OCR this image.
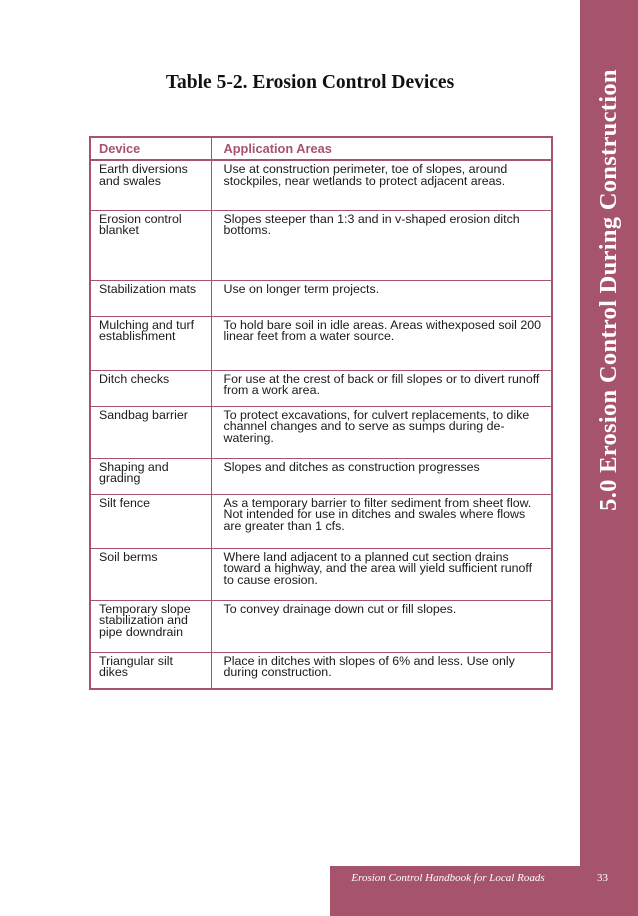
5.0 Erosion Control During Construction
Table 5-2. Erosion Control Devices
Device	Application Areas
Earth diversions and swales	Use at construction perimeter, toe of slopes, around stockpiles, near wetlands to protect adjacent areas.
Erosion control blanket	Slopes steeper than 1:3 and in v-shaped erosion ditch bottoms.
Stabilization mats	Use on longer term projects.
Mulching and turf establishment	To hold bare soil in idle areas. Areas withexposed soil 200 linear feet from a water source.
Ditch checks	For use at the crest of back or fill slopes or to divert runoff from a work area.
Sandbag barrier	To protect excavations, for culvert replacements, to dike channel changes and to serve as sumps during de-watering.
Shaping and grading	Slopes and ditches as construction progresses
Silt fence	As a temporary barrier to filter sediment from sheet flow. Not intended for use in ditches and swales where flows are greater than 1 cfs.
Soil berms	Where land adjacent to a planned cut section drains toward a highway, and the area will yield sufficient runoff to cause erosion.
Temporary slope stabilization and pipe downdrain	To convey drainage down cut or fill slopes.
Triangular silt dikes	Place in ditches with slopes of 6% and less. Use only during construction.
Erosion Control Handbook for Local Roads	33
